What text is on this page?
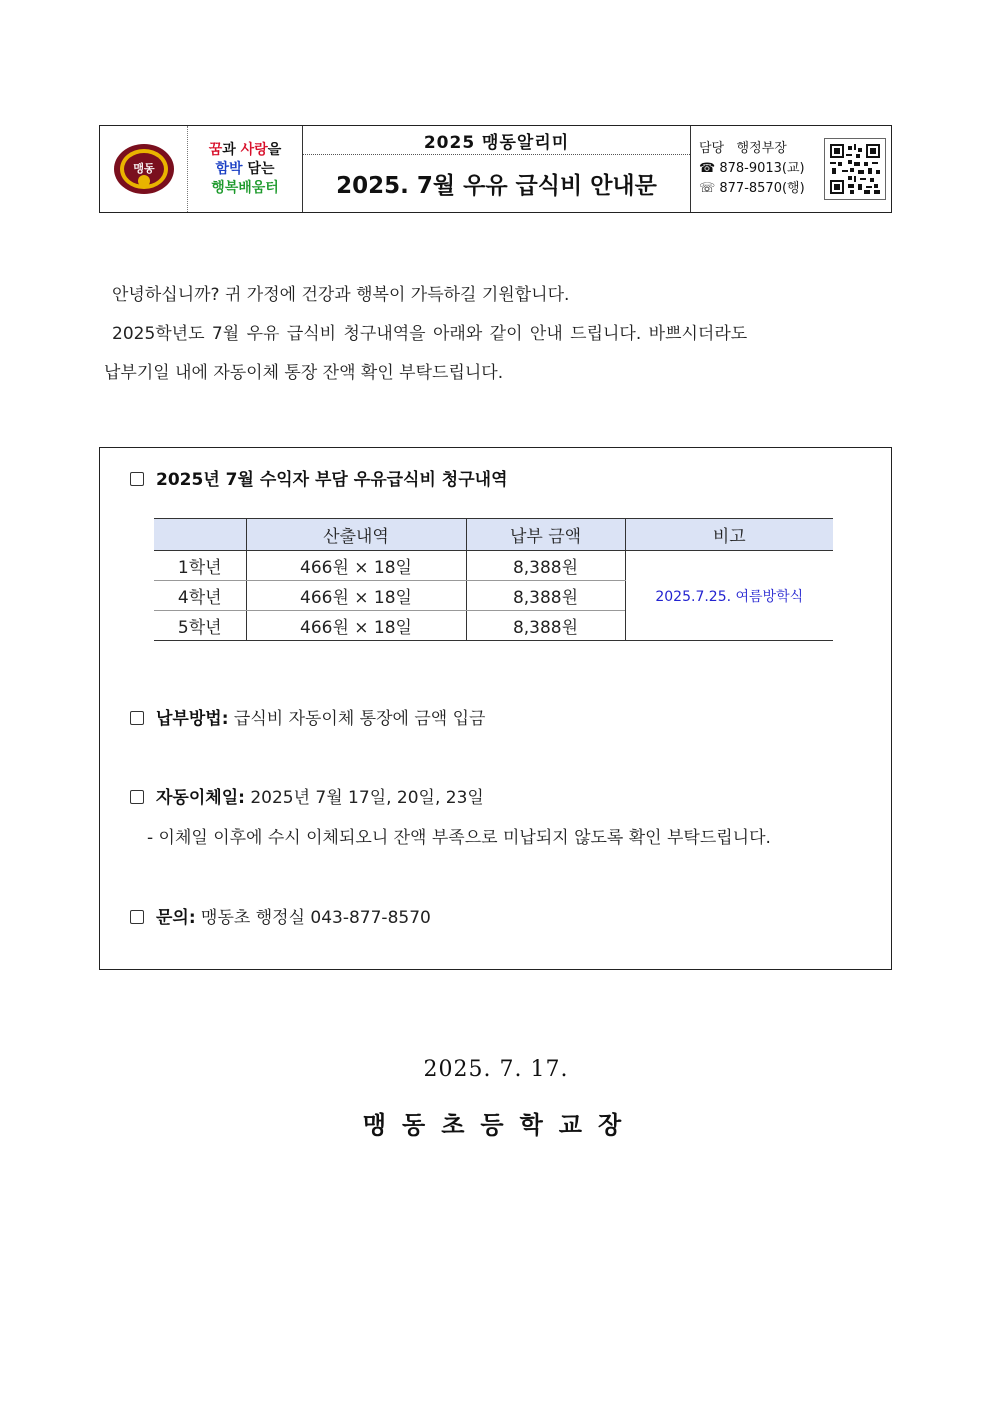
맹동
꿈과 사랑을
함박 담는
행복배움터
2025 맹동알리미
2025. 7월 우유 급식비 안내문
담당 행정부장
☎ 878-9013(교)
☏ 877-8570(행)
안녕하십니까? 귀 가정에 건강과 행복이 가득하길 기원합니다.
2025학년도 7월 우유 급식비 청구내역을 아래와 같이 안내 드립니다. 바쁘시더라도
납부기일 내에 자동이체 통장 잔액 확인 부탁드립니다.
2025년 7월 수익자 부담 우유급식비 청구내역
	산출내역	납부 금액	비고
1학년	466원 × 18일	8,388원	2025.7.25. 여름방학식
4학년	466원 × 18일	8,388원	
5학년	466원 × 18일	8,388원	
납부방법: 급식비 자동이체 통장에 금액 입금
자동이체일: 2025년 7월 17일, 20일, 23일
- 이체일 이후에 수시 이체되오니 잔액 부족으로 미납되지 않도록 확인 부탁드립니다.
문의: 맹동초 행정실 043-877-8570
2025. 7. 17.
맹동초등학교장
